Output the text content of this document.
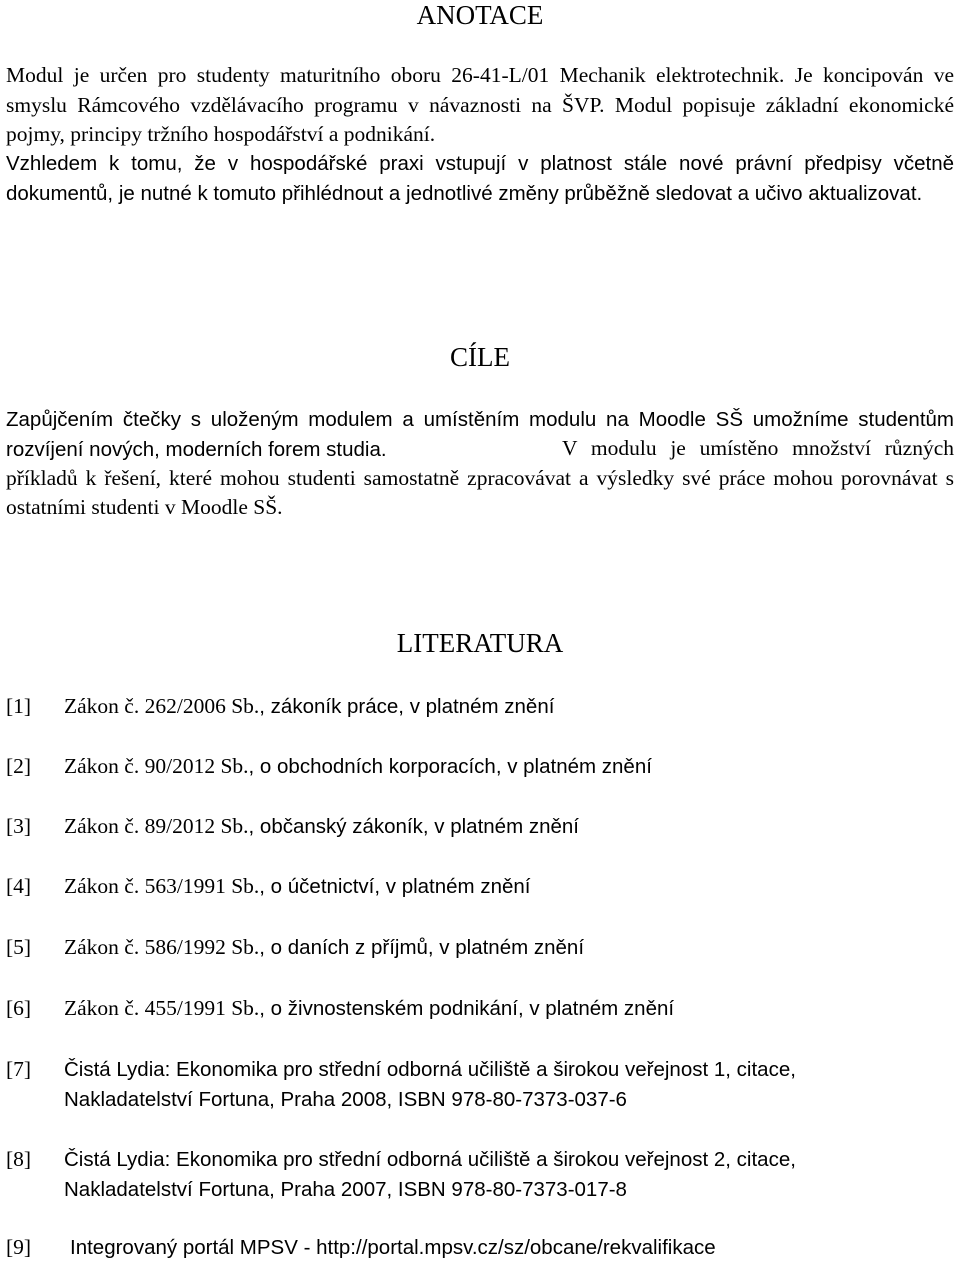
ANOTACE

Modul je určen pro studenty maturitního oboru 26-41-L/01 Mechanik elektrotechnik. Je koncipován ve smyslu Rámcového vzdělávacího programu v návaznosti na ŠVP. Modul popisuje základní ekonomické pojmy, principy tržního hospodářství a podnikání.

Vzhledem k tomu, že v hospodářské praxi vstupují v platnost stále nové právní předpisy včetně dokumentů, je nutné k tomuto přihlédnout a jednotlivé změny průběžně sledovat a učivo aktualizovat.

CÍLE

Zapůjčením čtečky s uloženým modulem a umístěním modulu na Moodle SŠ umožníme studentům rozvíjení nových, moderních forem studia.	V modulu je umístěno množství různých příkladů k řešení, které mohou studenti samostatně zpracovávat a výsledky své práce mohou porovnávat s ostatními studenti v Moodle SŠ.

LITERATURA
[1] Zákon č. 262/2006 Sb., zákoník práce, v platném znění
[2] Zákon č. 90/2012 Sb., o obchodních korporacích, v platném znění
[3] Zákon č. 89/2012 Sb., občanský zákoník, v platném znění
[4] Zákon č. 563/1991 Sb., o účetnictví, v platném znění
[5] Zákon č. 586/1992 Sb., o daních z příjmů, v platném znění
[6] Zákon č. 455/1991 Sb., o živnostenském podnikání, v platném znění
[7] Čistá Lydia: Ekonomika pro střední odborná učiliště a širokou veřejnost 1, citace,
Nakladatelství Fortuna, Praha 2008, ISBN 978-80-7373-037-6
[8] Čistá Lydia: Ekonomika pro střední odborná učiliště a širokou veřejnost 2, citace,
Nakladatelství Fortuna, Praha 2007, ISBN 978-80-7373-017-8
[9] Integrovaný portál MPSV - http://portal.mpsv.cz/sz/obcane/rekvalifikace
